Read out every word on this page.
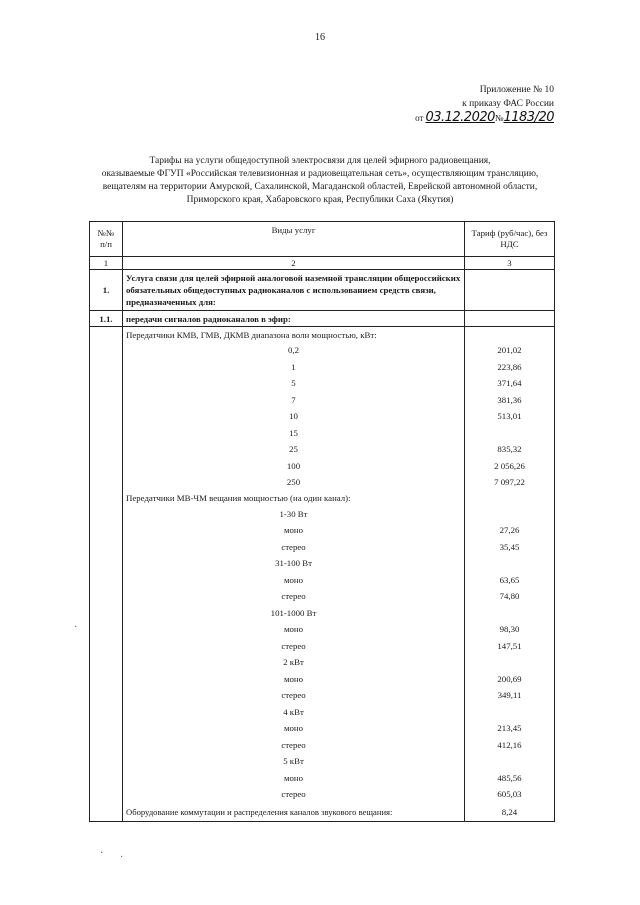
16
Приложение № 10
к приказу ФАС России
от 03.12.2020 № 1183/20
Тарифы на услуги общедоступной электросвязи для целей эфирного радиовещания,
оказываемые ФГУП «Российская телевизионная и радиовещательная сеть», осуществляющим трансляцию,
вещателям на территории Амурской, Сахалинской, Магаданской областей, Еврейской автономной области,
Приморского края, Хабаровского края, Республики Саха (Якутия)
№№ п/п	Виды услуг	Тариф (руб/час), без НДС
1	2	3
1.	Услуга связи для целей эфирной аналоговой наземной трансляции общероссийских обязательных общедоступных радиоканалов с использованием средств связи, предназначенных для:	
1.1.	передачи сигналов радиоканалов в эфир:	
	Передатчики КМВ, ГМВ, ДКМВ диапазона волн мощностью, кВт:	
	0,2	201,02
	1	223,86
	5	371,64
	7	381,36
	10	513,01
	15	
	25	835,32
	100	2 056,26
	250	7 097,22
	Передатчики МВ-ЧМ вещания мощностью (на один канал):	
	1-30 Вт	
	моно	27,26
	стерео	35,45
	31-100 Вт	
	моно	63,65
	стерео	74,80
	101-1000 Вт	
	моно	98,30
	стерео	147,51
	2 кВт	
	моно	200,69
	стерео	349,11
	4 кВт	
	моно	213,45
	стерео	412,16
	5 кВт	
	моно	485,56
	стерео	605,03
	Оборудование коммутации и распределения каналов звукового вещания:	8,24
·
· ·
